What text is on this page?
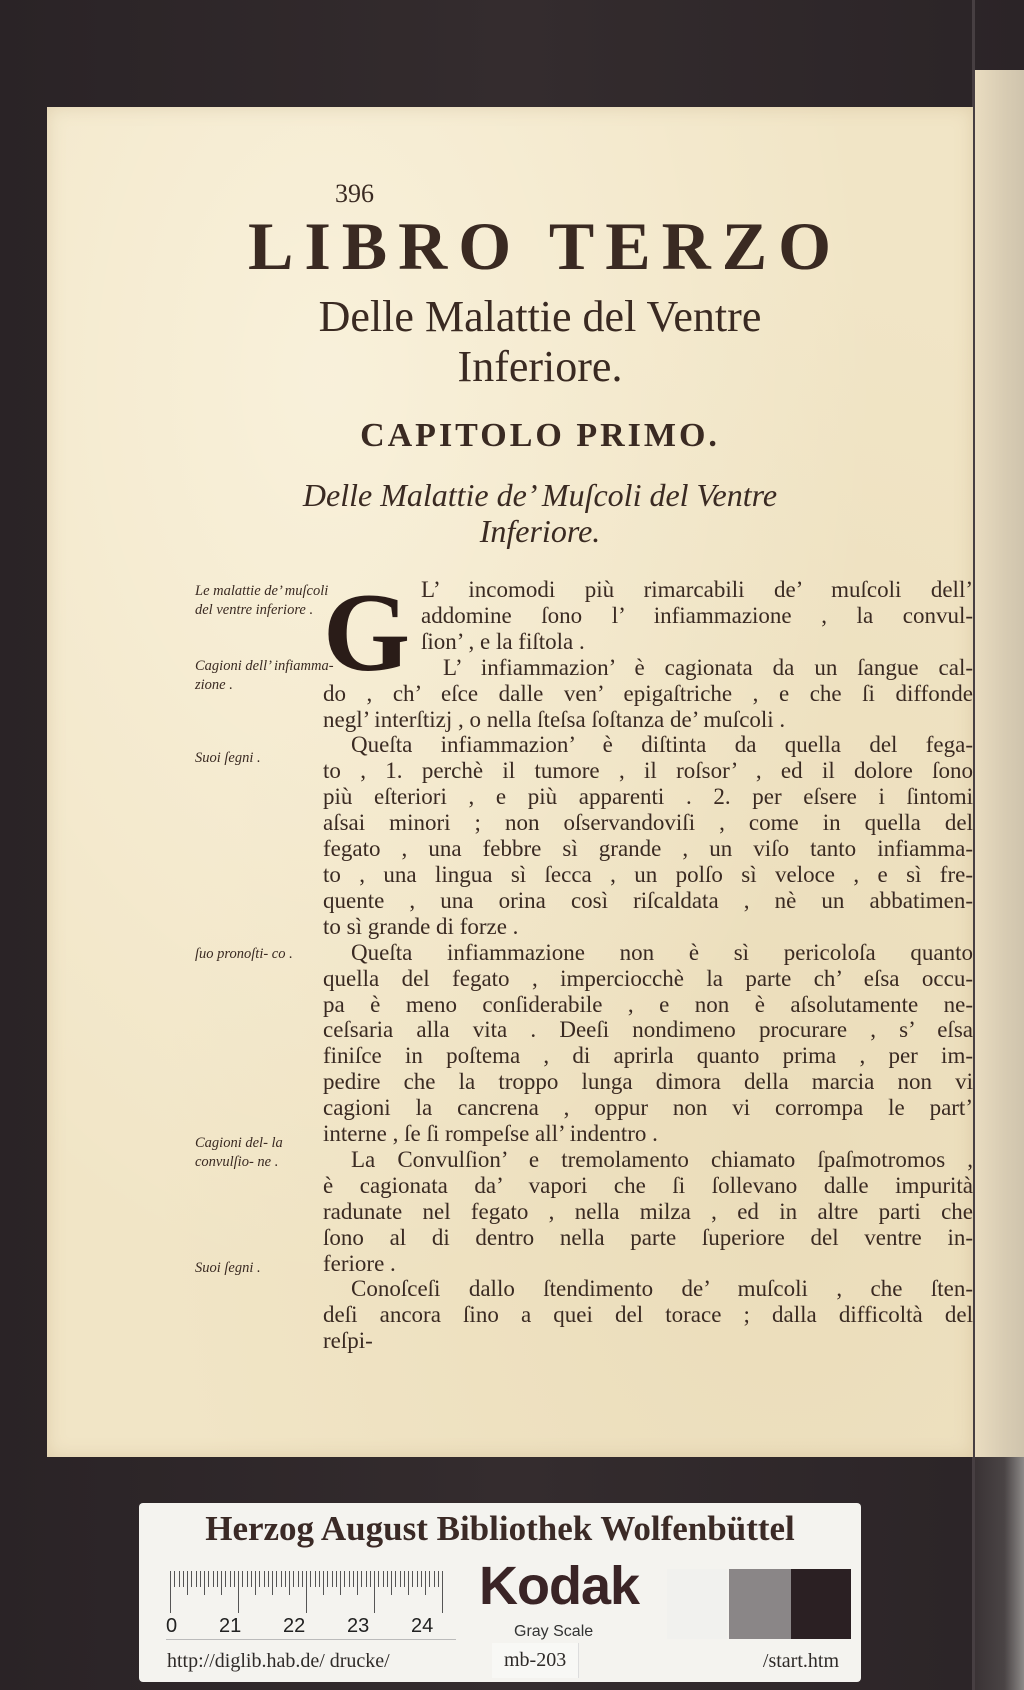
396
LIBRO TERZO
Delle Malattie del Ventre
Inferiore.
CAPITOLO PRIMO.
Delle Malattie de’ Muſcoli del Ventre
Inferiore.
Le malattie de’ muſcoli del ventre inferiore .
Cagioni dell’ infiamma- zione .
Suoi ſegni .
ſuo pronoſti- co .
Cagioni del- la convulſio- ne .
Suoi ſegni .
G L’ incomodi più rimarcabili de’ muſcoli dell’
addomine ſono l’ infiammazione , la convul-
ſion’ , e la fiſtola .
L’ infiammazion’ è cagionata da un ſangue cal-
do , ch’ eſce dalle ven’ epigaſtriche , e che ſi diffonde
negl’ interſtizj , o nella ſteſsa ſoſtanza de’ muſcoli .
Queſta infiammazion’ è diſtinta da quella del fega-
to , 1. perchè il tumore , il roſsor’ , ed il dolore ſono
più eſteriori , e più apparenti . 2. per eſsere i ſintomi
aſsai minori ; non oſservandoviſi , come in quella del
fegato , una febbre sì grande , un viſo tanto infiamma-
to , una lingua sì ſecca , un polſo sì veloce , e sì fre-
quente , una orina così riſcaldata , nè un abbatimen-
to sì grande di forze .
Queſta infiammazione non è sì pericoloſa quanto
quella del fegato , imperciocchè la parte ch’ eſsa occu-
pa è meno conſiderabile , e non è aſsolutamente ne-
ceſsaria alla vita . Deeſi nondimeno procurare , s’ eſsa
finiſce in poſtema , di aprirla quanto prima , per im-
pedire che la troppo lunga dimora della marcia non vi
cagioni la cancrena , oppur non vi corrompa le part’
interne , ſe ſi rompeſse all’ indentro .
La Convulſion’ e tremolamento chiamato ſpaſmotromos ,
è cagionata da’ vapori che ſi ſollevano dalle impurità
radunate nel fegato , nella milza , ed in altre parti che
ſono al di dentro nella parte ſuperiore del ventre in-
feriore .
Conoſceſi dallo ſtendimento de’ muſcoli , che ſten-
deſi ancora ſino a quei del torace ; dalla difficoltà del
reſpi-
Herzog August Bibliothek Wolfenbüttel
0 21 22 23 24
Kodak
Gray Scale
http://diglib.hab.de/ drucke/	mb-203	/start.htm
